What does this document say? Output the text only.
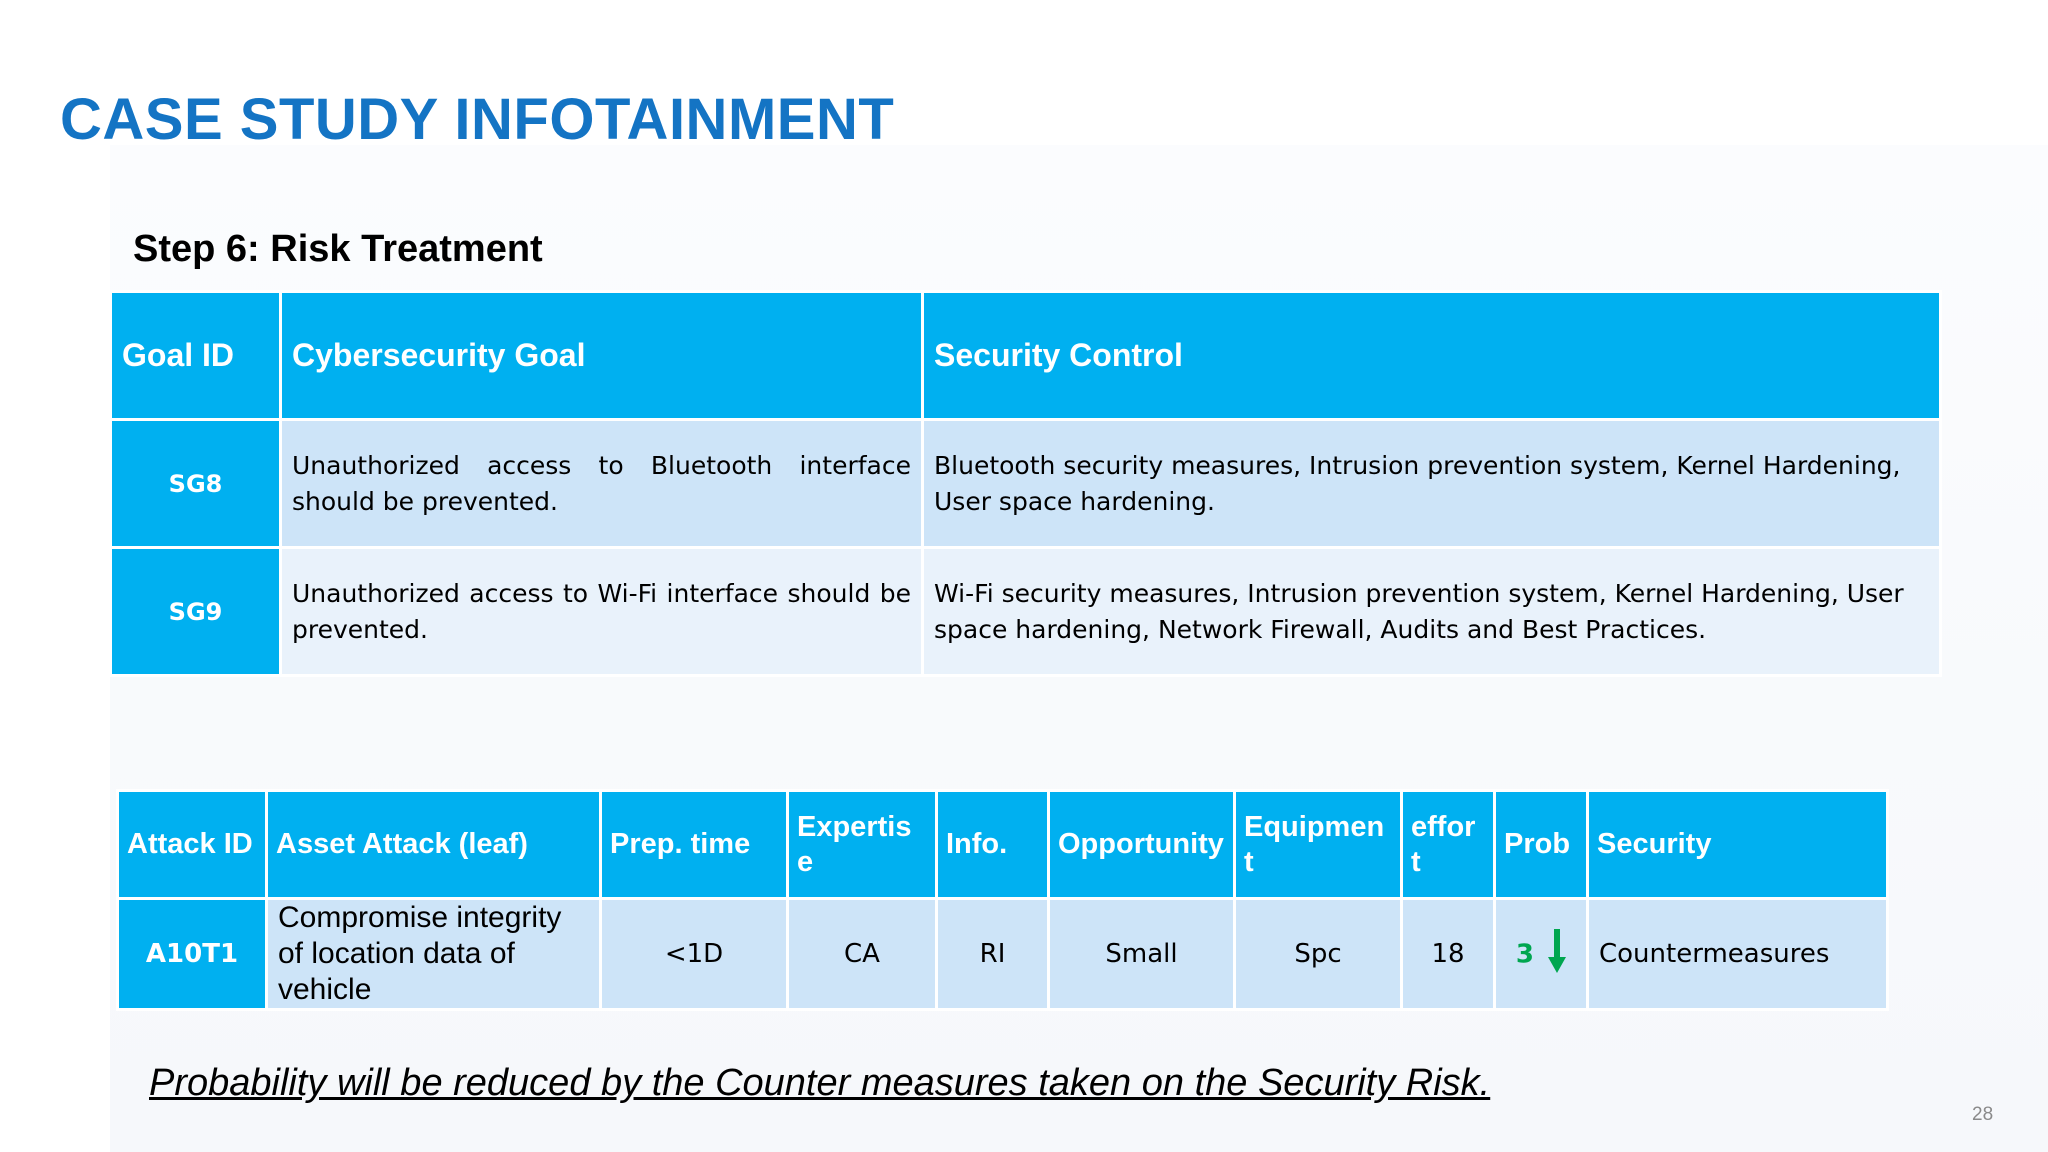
CASE STUDY INFOTAINMENT
Step 6: Risk Treatment
Goal ID	Cybersecurity Goal	Security Control
SG8	Unauthorized access to Bluetooth interface should be prevented.	Bluetooth security measures, Intrusion prevention system, Kernel Hardening, User space hardening.
SG9	Unauthorized access to Wi-Fi interface should be prevented.	Wi-Fi security measures, Intrusion prevention system, Kernel Hardening, User space hardening, Network Firewall, Audits and Best Practices.
Attack ID	Asset Attack (leaf)	Prep. time	Expertise	Info.	Opportunity	Equipment	effort	Prob	Security
A10T1	Compromise integrity of location data of vehicle	<1D	CA	RI	Small	Spc	18	3	Countermeasures

Probability will be reduced by the Counter measures taken on the Security Risk.

28
